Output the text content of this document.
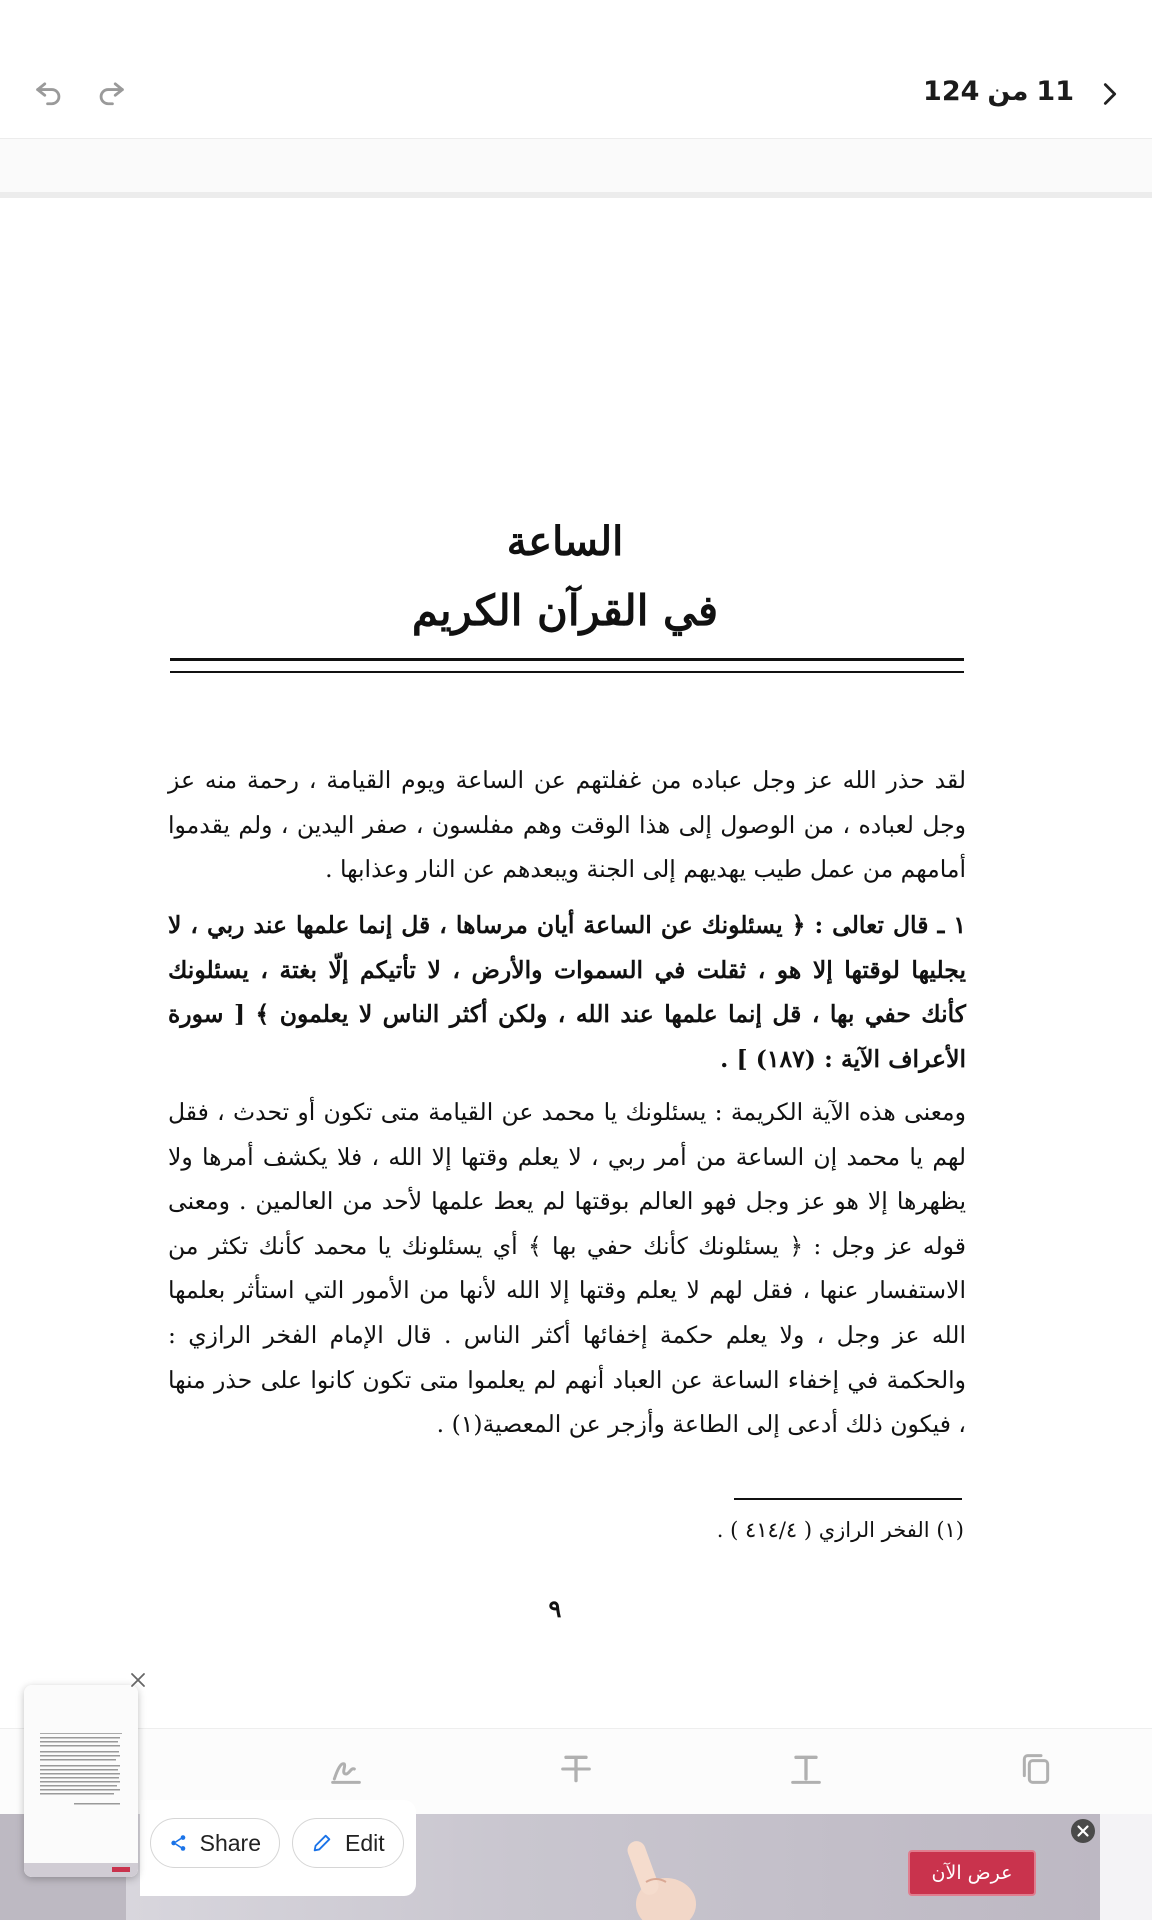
11من124
الساعة
في القرآن الكريم
لقد حذر الله عز وجل عباده من غفلتهم عن الساعة ويوم القيامة ، رحمة منه عز وجل لعباده ، من الوصول إلى هذا الوقت وهم مفلسون ، صفر اليدين ، ولم يقدموا أمامهم من عمل طيب يهديهم إلى الجنة ويبعدهم عن النار وعذابها .
١ ـ قال تعالى : ﴿ يسئلونك عن الساعة أيان مرساها ، قل إنما علمها عند ربي ، لا يجليها لوقتها إلا هو ، ثقلت في السموات والأرض ، لا تأتيكم إلّا بغتة ، يسئلونك كأنك حفي بها ، قل إنما علمها عند الله ، ولكن أكثر الناس لا يعلمون ﴾ [ سورة الأعراف الآية : (١٨٧) ] .
ومعنى هذه الآية الكريمة : يسئلونك يا محمد عن القيامة متى تكون أو تحدث ، فقل لهم يا محمد إن الساعة من أمر ربي ، لا يعلم وقتها إلا الله ، فلا يكشف أمرها ولا يظهرها إلا هو عز وجل فهو العالم بوقتها لم يعط علمها لأحد من العالمين . ومعنى قوله عز وجل : ﴿ يسئلونك كأنك حفي بها ﴾ أي يسئلونك يا محمد كأنك تكثر من الاستفسار عنها ، فقل لهم لا يعلم وقتها إلا الله لأنها من الأمور التي استأثر بعلمها الله عز وجل ، ولا يعلم حكمة إخفائها أكثر الناس . قال الإمام الفخر الرازي : والحكمة في إخفاء الساعة عن العباد أنهم لم يعلموا متى تكون كانوا على حذر منها ، فيكون ذلك أدعى إلى الطاعة وأزجر عن المعصية(١) .
(١) الفخر الرازي ( ٤١٤/٤ ) .
٩
عرض الآن
Share	Edit
